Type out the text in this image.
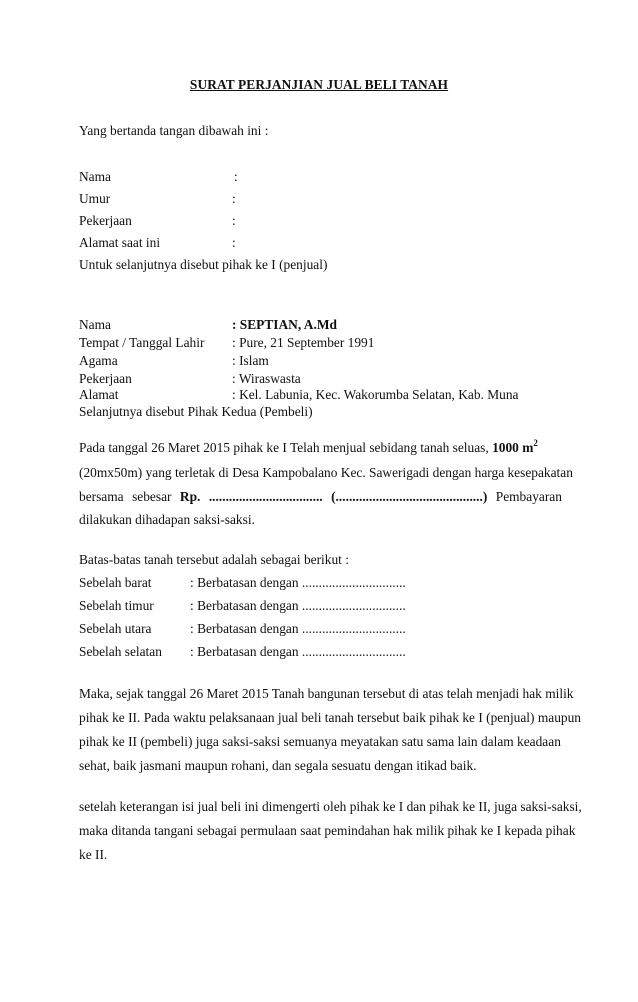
SURAT PERJANJIAN JUAL BELI TANAH
Yang bertanda tangan dibawah ini :
Nama	:
Umur	:
Pekerjaan	:
Alamat saat ini	:
Untuk selanjutnya disebut pihak ke I (penjual)
Nama	: SEPTIAN, A.Md
Tempat / Tanggal Lahir : Pure, 21 September 1991
Agama	: Islam
Pekerjaan	: Wiraswasta
Alamat	: Kel. Labunia, Kec. Wakorumba Selatan, Kab. Muna
Selanjutnya disebut Pihak Kedua (Pembeli)
Pada tanggal 26 Maret 2015 pihak ke I Telah menjual sebidang tanah seluas, 1000 $m^2$
(20mx50m) yang terletak di Desa Kampobalano Kec. Sawerigadi dengan harga kesepakatan
bersama sebesar Rp. .................................. (............................................) Pembayaran
dilakukan dihadapan saksi-saksi.
Batas-batas tanah tersebut adalah sebagai berikut :
Sebelah barat	: Berbatasan dengan ...............................
Sebelah timur	: Berbatasan dengan ...............................
Sebelah utara	: Berbatasan dengan ...............................
Sebelah selatan : Berbatasan dengan ...............................
Maka, sejak tanggal 26 Maret 2015 Tanah bangunan tersebut di atas telah menjadi hak milik
pihak ke II. Pada waktu pelaksanaan jual beli tanah tersebut baik pihak ke I (penjual) maupun
pihak ke II (pembeli) juga saksi-saksi semuanya meyatakan satu sama lain dalam keadaan
sehat, baik jasmani maupun rohani, dan segala sesuatu dengan itikad baik.
setelah keterangan isi jual beli ini dimengerti oleh pihak ke I dan pihak ke II, juga saksi-saksi,
maka ditanda tangani sebagai permulaan saat pemindahan hak milik pihak ke I kepada pihak
ke II.
